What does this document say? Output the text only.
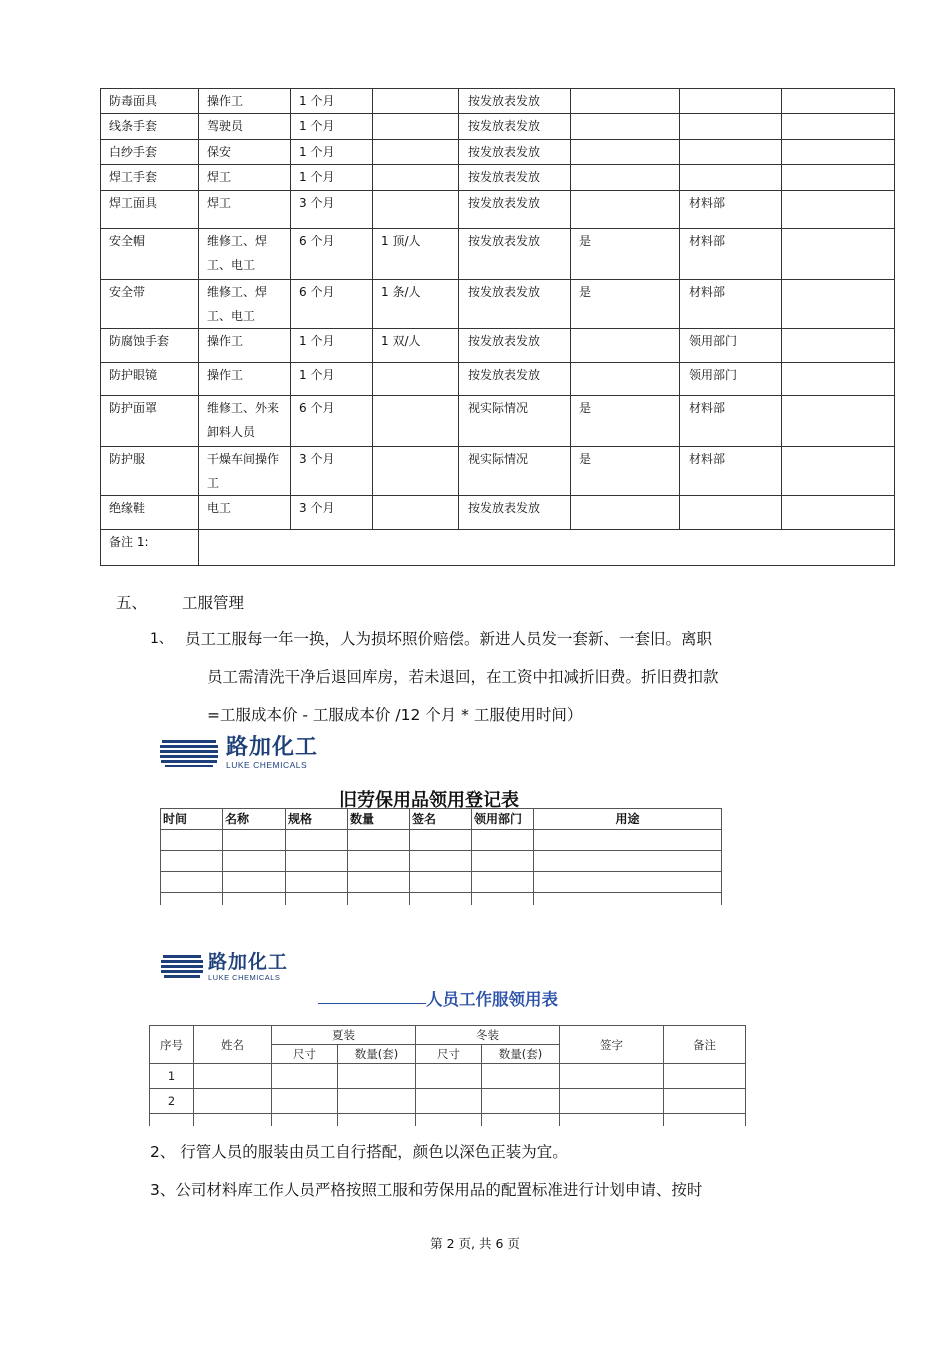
防毒面具	操作工	1 个月		按发放表发放			
线条手套	驾驶员	1 个月		按发放表发放			
白纱手套	保安	1 个月		按发放表发放			
焊工手套	焊工	1 个月		按发放表发放			
焊工面具	焊工	3 个月		按发放表发放		材料部	
安全帽	维修工、焊工、电工	6 个月	1 顶/人	按发放表发放	是	材料部	
安全带	维修工、焊工、电工	6 个月	1 条/人	按发放表发放	是	材料部	
防腐蚀手套	操作工	1 个月	1 双/人	按发放表发放		领用部门	
防护眼镜	操作工	1 个月		按发放表发放		领用部门	
防护面罩	维修工、外来卸料人员	6 个月		视实际情况	是	材料部	
防护服	干燥车间操作工	3 个月		视实际情况	是	材料部	
绝缘鞋	电工	3 个月		按发放表发放			
备注 1:							
五、 工服管理
1、 员工工服每一年一换，人为损坏照价赔偿。新进人员发一套新、一套旧。离职
员工需清洗干净后退回库房，若未退回，在工资中扣减折旧费。折旧费扣款
=工服成本价 - 工服成本价 /12 个月 * 工服使用时间）
路加化工
LUKE CHEMICALS
旧劳保用品领用登记表
时间	名称	规格	数量	签名	领用部门	用途

路加化工
LUKE CHEMICALS
人员工作服领用表
序号	姓名	夏装		冬装		签字	备注
		尺寸	数量(套)	尺寸	数量(套)		
1							
2							

2、 行管人员的服装由员工自行搭配，颜色以深色正装为宜。
3、公司材料库工作人员严格按照工服和劳保用品的配置标准进行计划申请、按时
第 2 页, 共 6 页
